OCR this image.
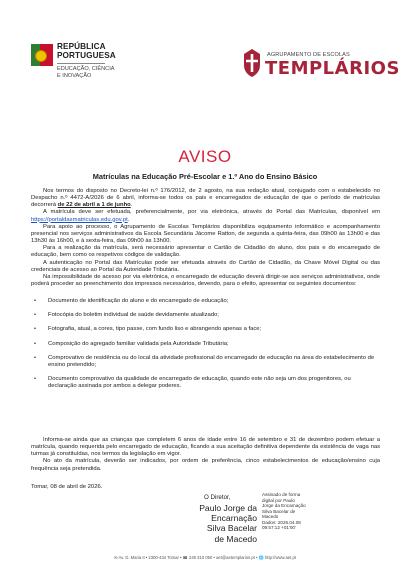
REPÚBLICA
PORTUGUESA
EDUCAÇÃO, CIÊNCIA
E INOVAÇÃO
AGRUPAMENTO DE ESCOLAS
TEMPLÁRIOS
AVISO
Matrículas na Educação Pré-Escolar e 1.º Ano do Ensino Básico

Nos termos do disposto no Decreto-lei n.º 176/2012, de 2 agosto, na sua redação atual, conjugado com o estabelecido no Despacho n.º 4472-A/2026 de 6 abril, informa-se todos os pais e encarregados de educação de que o período de matrículas decorrerá de 22 de abril a 1 de junho.

A matrícula deve ser efetuada, preferencialmente, por via eletrónica, através do Portal das Matrículas, disponível em https://portaldasmatriculas.edu.gov.pt.

Para apoio ao processo, o Agrupamento de Escolas Templários disponibiliza equipamento informático e acompanhamento presencial nos serviços administrativos da Escola Secundária Jácome Ratton, de segunda a quinta-feira, das 09h00 às 13h00 e das 13h30 às 16h00, e à sexta-feira, das 09h00 às 13h00.

Para a realização da matrícula, será necessário apresentar o Cartão de Cidadão do aluno, dos pais e do encarregado de educação, bem como os respetivos códigos de validação.

A autenticação no Portal das Matrículas pode ser efetuada através do Cartão de Cidadão, da Chave Móvel Digital ou das credenciais de acesso ao Portal da Autoridade Tributária.

Na impossibilidade de acesso por via eletrónica, o encarregado de educação deverá dirigir-se aos serviços administrativos, onde poderá proceder ao preenchimento dos impressos necessários, devendo, para o efeito, apresentar os seguintes documentos:

• Documento de identificação do aluno e do encarregado de educação;
• Fotocópia do boletim individual de saúde devidamente atualizado;
• Fotografia, atual, a cores, tipo passe, com fundo liso e abrangendo apenas a face;
• Composição do agregado familiar validada pela Autoridade Tributária;
• Comprovativo de residência ou do local da atividade profissional do encarregado de educação na área do estabelecimento de ensino pretendido;
• Documento comprovativo da qualidade de encarregado de educação, quando este não seja um dos progenitores, ou declaração assinada por ambos a delegar poderes.

Informa-se ainda que as crianças que completem 6 anos de idade entre 16 de setembro e 31 de dezembro podem efetuar a matrícula, quando requerida pelo encarregado de educação, ficando a sua aceitação definitiva dependente da existência de vaga nas turmas já constituídas, nos termos da legislação em vigor.

No ato da matrícula, deverão ser indicados, por ordem de preferência, cinco estabelecimentos de educação/ensino cuja frequência seja pretendida.

Tomar, 08 de abril de 2026.
O Diretor,
Paulo Jorge da
Encarnação
Silva Bacelar
de Macedo
Assinado de forma
digital por Paulo
Jorge da Encarnação
Silva Bacelar de
Macedo
Dados: 2026.04.08
09:57:12 +01'00'
✉ Av. D. Maria II • 2300-434 Tomar • ☎ 249 310 050 • aet@aetemplarios.pt • 🌐 http://www.aet.pt
